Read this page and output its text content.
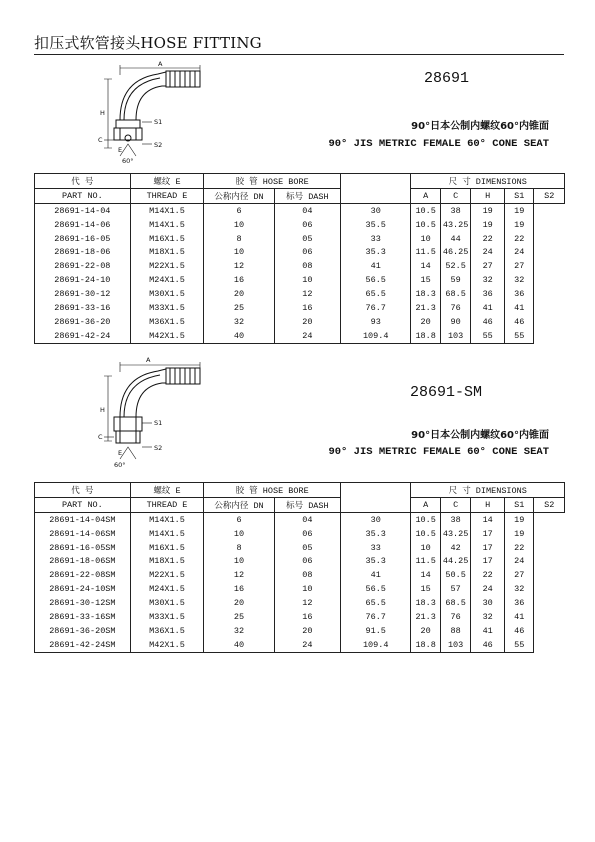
扣压式软管接头HOSE FITTING
A
H
S1
S2
C
E
60°
28691
90°日本公制内螺纹60°内锥面
90° JIS METRIC FEMALE 60° CONE SEAT
代 号	螺纹 E	胶 管 HOSE BORE			尺 寸 DIMENSIONS				
PART NO.	THREAD E	公称内径 DN	标号 DASH		A	C	H	S1	S2
28691-14-04	M14X1.5	6	04	30	10.5	38	19	19	
28691-14-06	M14X1.5	10	06	35.5	10.5	43.25	19	19	
28691-16-05	M16X1.5	8	05	33	10	44	22	22	
28691-18-06	M18X1.5	10	06	35.3	11.5	46.25	24	24	
28691-22-08	M22X1.5	12	08	41	14	52.5	27	27	
28691-24-10	M24X1.5	16	10	56.5	15	59	32	32	
28691-30-12	M30X1.5	20	12	65.5	18.3	68.5	36	36	
28691-33-16	M33X1.5	25	16	76.7	21.3	76	41	41	
28691-36-20	M36X1.5	32	20	93	20	90	46	46	
28691-42-24	M42X1.5	40	24	109.4	18.8	103	55	55	
A
H
S1
S2
C
E
60°
28691-SM
90°日本公制内螺纹60°内锥面
90° JIS METRIC FEMALE 60° CONE SEAT
代 号	螺纹 E	胶 管 HOSE BORE			尺 寸 DIMENSIONS				
PART NO.	THREAD E	公称内径 DN	标号 DASH		A	C	H	S1	S2
28691-14-04SM	M14X1.5	6	04	30	10.5	38	14	19	
28691-14-06SM	M14X1.5	10	06	35.3	10.5	43.25	17	19	
28691-16-05SM	M16X1.5	8	05	33	10	42	17	22	
28691-18-06SM	M18X1.5	10	06	35.3	11.5	44.25	17	24	
28691-22-08SM	M22X1.5	12	08	41	14	50.5	22	27	
28691-24-10SM	M24X1.5	16	10	56.5	15	57	24	32	
28691-30-12SM	M30X1.5	20	12	65.5	18.3	68.5	30	36	
28691-33-16SM	M33X1.5	25	16	76.7	21.3	76	32	41	
28691-36-20SM	M36X1.5	32	20	91.5	20	88	41	46	
28691-42-24SM	M42X1.5	40	24	109.4	18.8	103	46	55	
